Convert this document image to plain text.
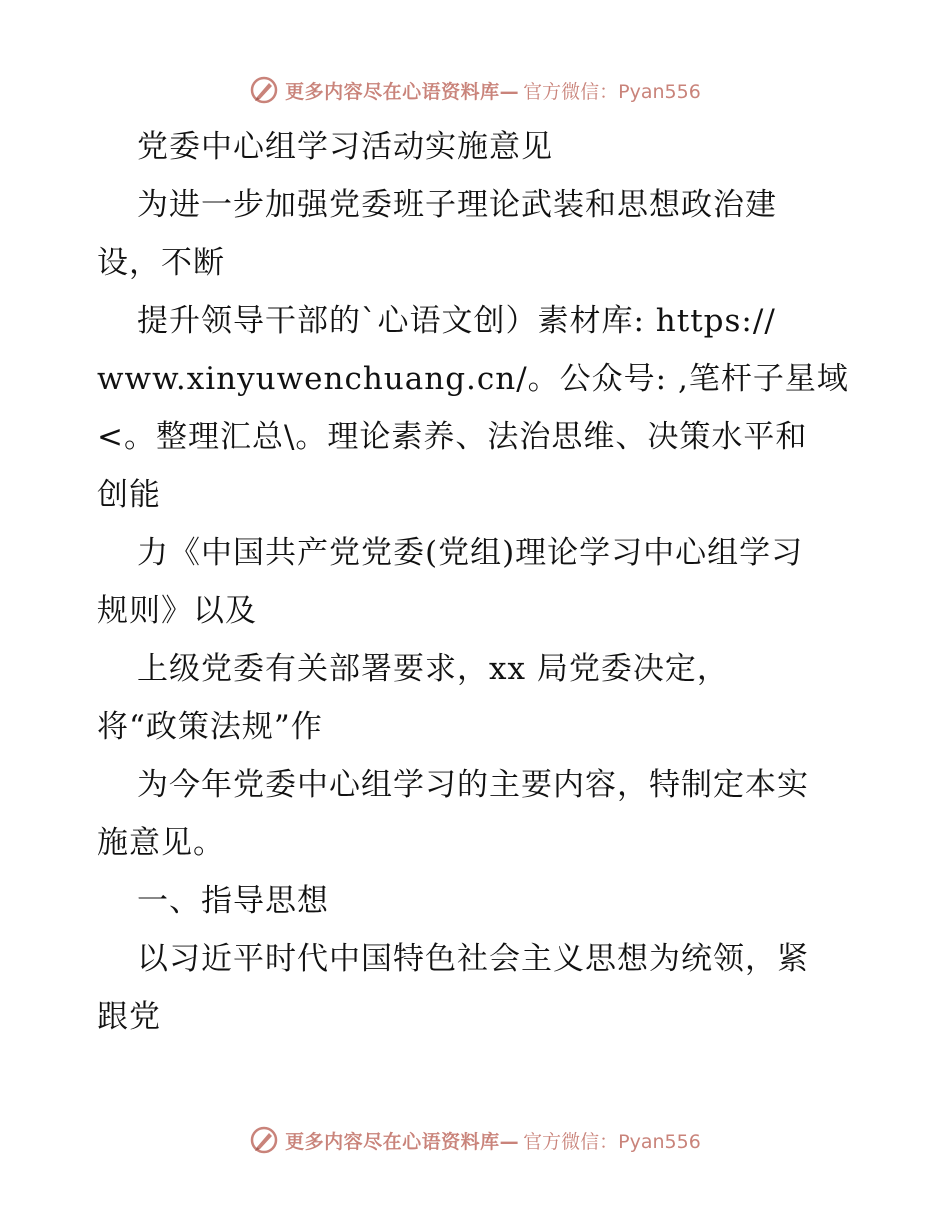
更多内容尽在心语资料库— 官方微信：Pyan556
党委中心组学习活动实施意见
为进一步加强党委班子理论武装和思想政治建
设，不断
提升领导干部的`心语文创）素材库: https://
www.xinyuwenchuang.cn/。公众号: ,笔杆子星域
<。整理汇总\。理论素养、法治思维、决策水平和
创能
力《中国共产党党委(党组)理论学习中心组学习
规则》以及
上级党委有关部署要求，xx 局党委决定，
将“政策法规”作
为今年党委中心组学习的主要内容，特制定本实
施意见。
一、指导思想
以习近平时代中国特色社会主义思想为统领，紧
跟党
更多内容尽在心语资料库— 官方微信：Pyan556
